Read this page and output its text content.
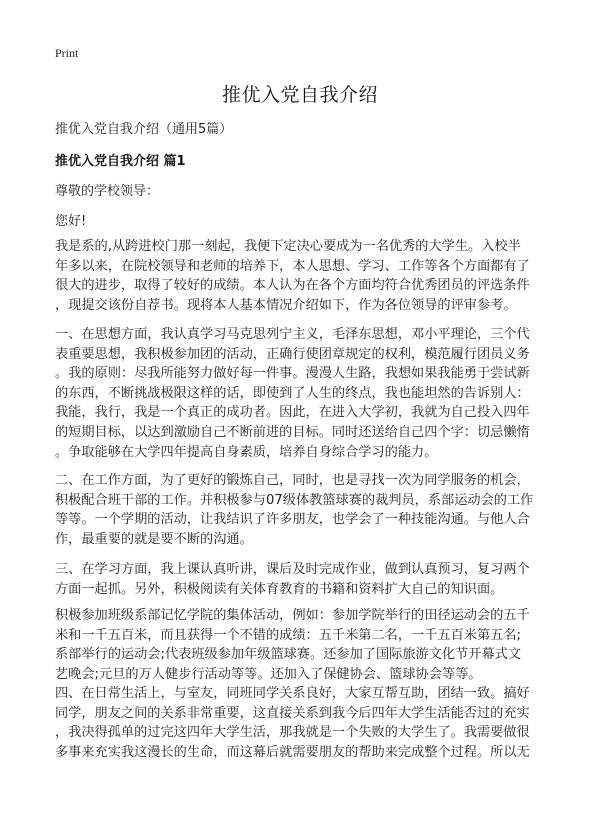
Print
推优入党自我介绍
推优入党自我介绍（通用5篇）
推优入党自我介绍 篇1
尊敬的学校领导：
您好!
我是系的,从跨进校门那一刻起，我便下定决心要成为一名优秀的大学生。入校半
年多以来，在院校领导和老师的培养下，本人思想、学习、工作等各个方面都有了
很大的进步，取得了较好的成绩。本人认为在各个方面均符合优秀团员的评选条件
，现提交该份自荐书。现将本人基本情况介绍如下，作为各位领导的评审参考。
一、在思想方面，我认真学习马克思列宁主义，毛泽东思想，邓小平理论，三个代
表重要思想，我积极参加团的活动，正确行使团章规定的权利，模范履行团员义务
。我的原则：尽我所能努力做好每一件事。漫漫人生路，我想如果我能勇于尝试新
的东西，不断挑战极限这样的话，即使到了人生的终点，我也能坦然的告诉别人：
我能，我行，我是一个真正的成功者。因此，在进入大学初，我就为自己投入四年
的短期目标，以达到激励自己不断前进的目标。同时还送给自己四个字：切忌懒惰
。争取能够在大学四年提高自身素质，培养自身综合学习的能力。
二、在工作方面，为了更好的锻炼自己，同时，也是寻找一次为同学服务的机会，
积极配合班干部的工作。并积极参与07级体教篮球赛的裁判员，系部运动会的工作
等等。一个学期的活动，让我结识了许多朋友，也学会了一种技能沟通。与他人合
作，最重要的就是要不断的沟通。
三、在学习方面，我上课认真听讲，课后及时完成作业，做到认真预习，复习两个
方面一起抓。另外，积极阅读有关体育教育的书籍和资料扩大自己的知识面。
积极参加班级系部记忆学院的集体活动，例如：参加学院举行的田径运动会的五千
米和一千五百米，而且获得一个不错的成绩：五千米第二名，一千五百米第五名;
系部举行的运动会;代表班级参加年级篮球赛。还参加了国际旅游文化节开幕式文
艺晚会;元旦的万人健步行活动等等。还加入了保健协会、篮球协会等等。
四、在日常生活上，与室友，同班同学关系良好，大家互帮互助，团结一致。搞好
同学，朋友之间的关系非常重要，这直接关系到我今后四年大学生活能否过的充实
，我决得孤单的过完这四年大学生活，那我就是一个失败的大学生了。我需要做很
多事来充实我这漫长的生命，而这幕后就需要朋友的帮助来完成整个过程。所以无
